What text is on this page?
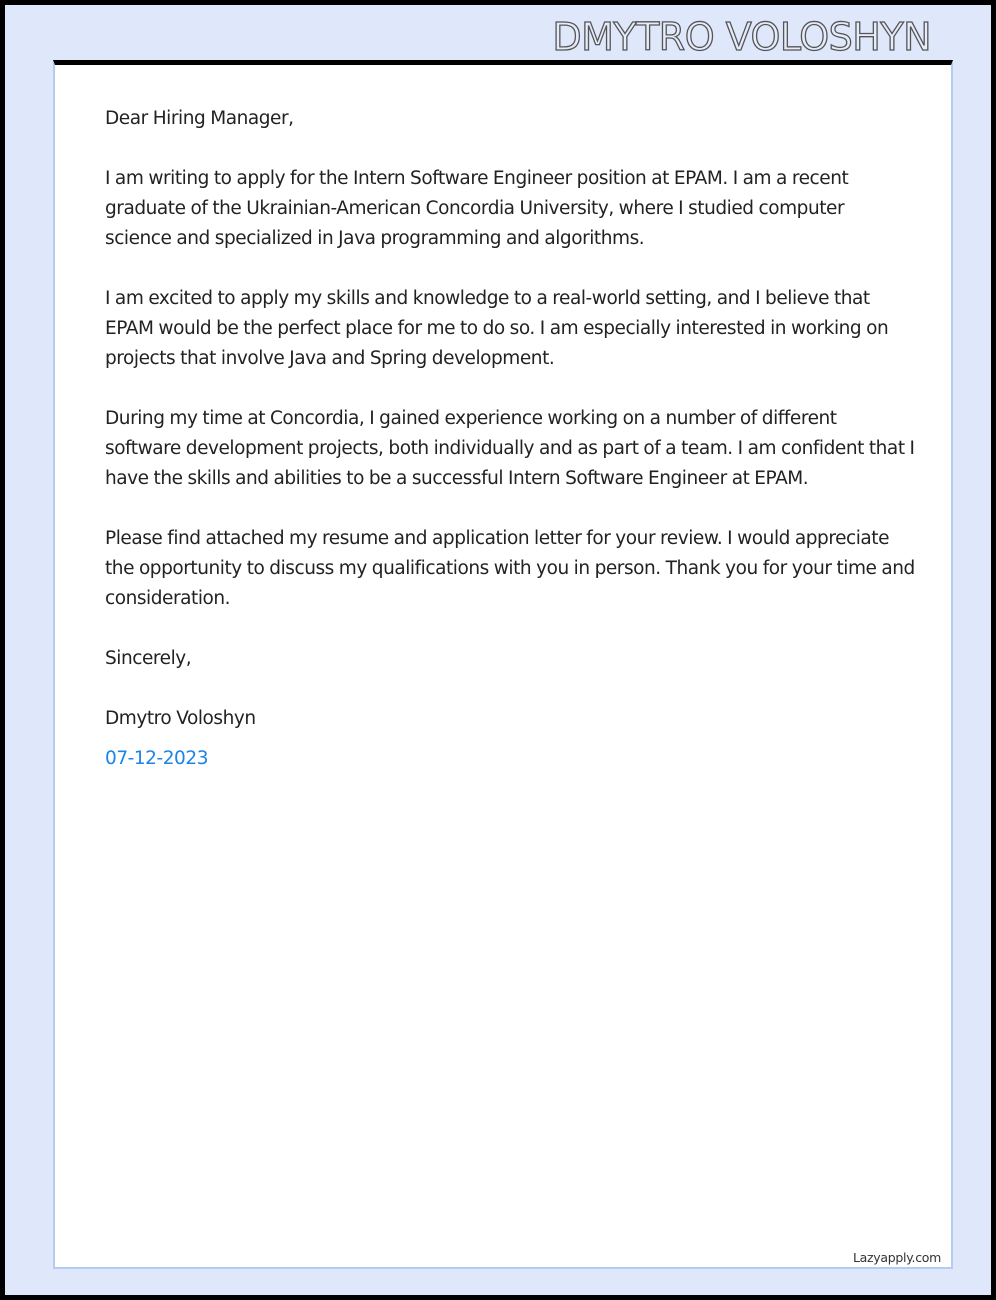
DMYTRO VOLOSHYN

Dear Hiring Manager,

I am writing to apply for the Intern Software Engineer position at EPAM. I am a recent graduate of the Ukrainian-American Concordia University, where I studied computer science and specialized in Java programming and algorithms.

I am excited to apply my skills and knowledge to a real-world setting, and I believe that EPAM would be the perfect place for me to do so. I am especially interested in working on projects that involve Java and Spring development.

During my time at Concordia, I gained experience working on a number of different software development projects, both individually and as part of a team. I am confident that I have the skills and abilities to be a successful Intern Software Engineer at EPAM.

Please find attached my resume and application letter for your review. I would appreciate the opportunity to discuss my qualifications with you in person. Thank you for your time and consideration.

Sincerely,

Dmytro Voloshyn

07-12-2023

Lazyapply.com
